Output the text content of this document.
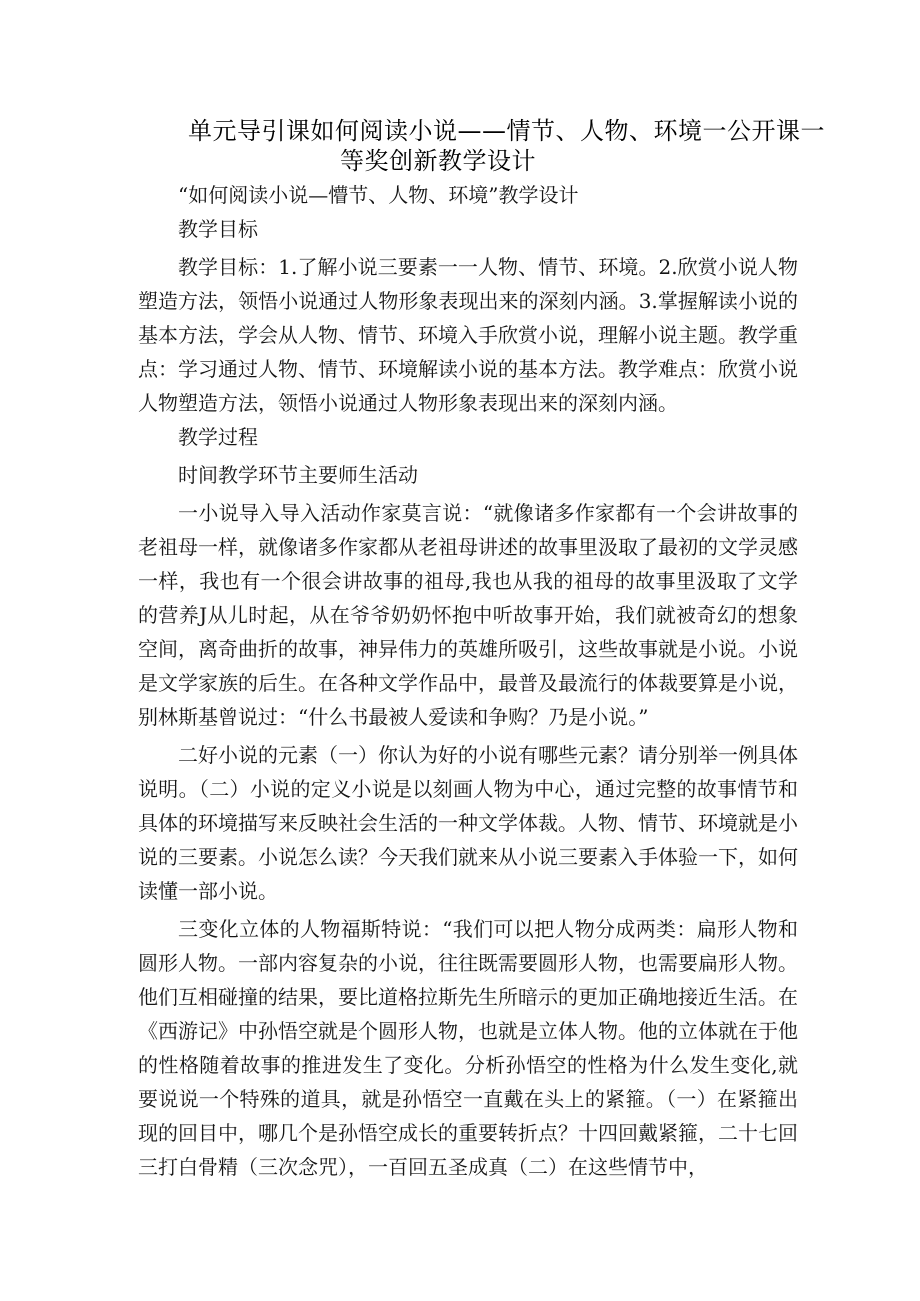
单元导引课如何阅读小说——情节、人物、环境一公开课一
等奖创新教学设计

“如何阅读小说—懵节、人物、环境”教学设计

教学目标

教学目标：1.了解小说三要素一一人物、情节、环境。2.欣赏小说人物塑造方法，领悟小说通过人物形象表现出来的深刻内涵。3.掌握解读小说的基本方法，学会从人物、情节、环境入手欣赏小说，理解小说主题。教学重点：学习通过人物、情节、环境解读小说的基本方法。教学难点：欣赏小说人物塑造方法，领悟小说通过人物形象表现出来的深刻内涵。

教学过程

时间教学环节主要师生活动

一小说导入导入活动作家莫言说：“就像诸多作家都有一个会讲故事的老祖母一样，就像诸多作家都从老祖母讲述的故事里汲取了最初的文学灵感一样，我也有一个很会讲故事的祖母,我也从我的祖母的故事里汲取了文学的营养J从儿时起，从在爷爷奶奶怀抱中听故事开始，我们就被奇幻的想象空间，离奇曲折的故事，神异伟力的英雄所吸引，这些故事就是小说。小说是文学家族的后生。在各种文学作品中，最普及最流行的体裁要算是小说，别林斯基曾说过：“什么书最被人爱读和争购？乃是小说。”

二好小说的元素（一）你认为好的小说有哪些元素？请分别举一例具体说明。（二）小说的定义小说是以刻画人物为中心，通过完整的故事情节和具体的环境描写来反映社会生活的一种文学体裁。人物、情节、环境就是小说的三要素。小说怎么读？今天我们就来从小说三要素入手体验一下，如何读懂一部小说。

三变化立体的人物福斯特说：“我们可以把人物分成两类：扁形人物和圆形人物。一部内容复杂的小说，往往既需要圆形人物，也需要扁形人物。他们互相碰撞的结果，要比道格拉斯先生所暗示的更加正确地接近生活。在《西游记》中孙悟空就是个圆形人物，也就是立体人物。他的立体就在于他的性格随着故事的推进发生了变化。分析孙悟空的性格为什么发生变化,就要说说一个特殊的道具，就是孙悟空一直戴在头上的紧箍。（一）在紧箍出现的回目中，哪几个是孙悟空成长的重要转折点？十四回戴紧箍，二十七回三打白骨精（三次念咒），一百回五圣成真（二）在这些情节中，
